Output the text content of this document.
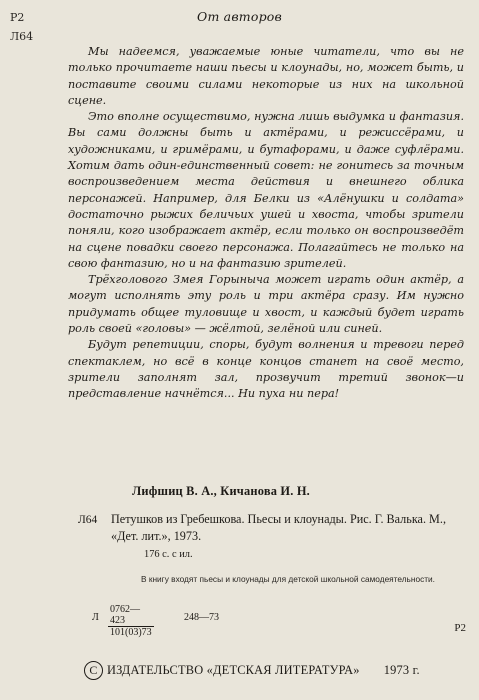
Р2
Л64
От авторов

Мы надеемся, уважаемые юные читатели, что вы не только прочитаете наши пьесы и клоунады, но, может быть, и поставите своими силами некоторые из них на школьной сцене.

Это вполне осуществимо, нужна лишь выдумка и фантазия. Вы сами должны быть и актёрами, и режиссёрами, и художниками, и гримёрами, и бутафорами, и даже суфлёрами. Хотим дать один-единственный совет: не гонитесь за точным воспроизведением места действия и внешнего облика персонажей. Например, для Белки из «Алёнушки и солдата» достаточно рыжих беличьих ушей и хвоста, чтобы зрители поняли, кого изображает актёр, если только он воспроизведёт на сцене повадки своего персонажа. Полагайтесь не только на свою фантазию, но и на фантазию зрителей.

Трёхголового Змея Горыныча может играть один актёр, а могут исполнять эту роль и три актёра сразу. Им нужно придумать общее туловище и хвост, и каждый будет играть роль своей «головы» — жёлтой, зелёной или синей.

Будут репетиции, споры, будут волнения и тревоги перед спектаклем, но всё в конце концов станет на своё место, зрители заполнят зал, прозвучит третий звонок—и представление начнётся... Ни пуха ни пера!

Лифшиц В. А., Кичанова И. Н.
Л64 Петушков из Гребешкова. Пьесы и клоунады. Рис. Г. Валька. М., «Дет. лит.», 1973.
176 с. с ил.
В книгу входят пьесы и клоунады для детской школьной самодеятельности.
Л $\frac{0762—423}{101(03)73}$	248—73
Р2
C ИЗДАТЕЛЬСТВО «ДЕТСКАЯ ЛИТЕРАТУРА» 1973 г.
